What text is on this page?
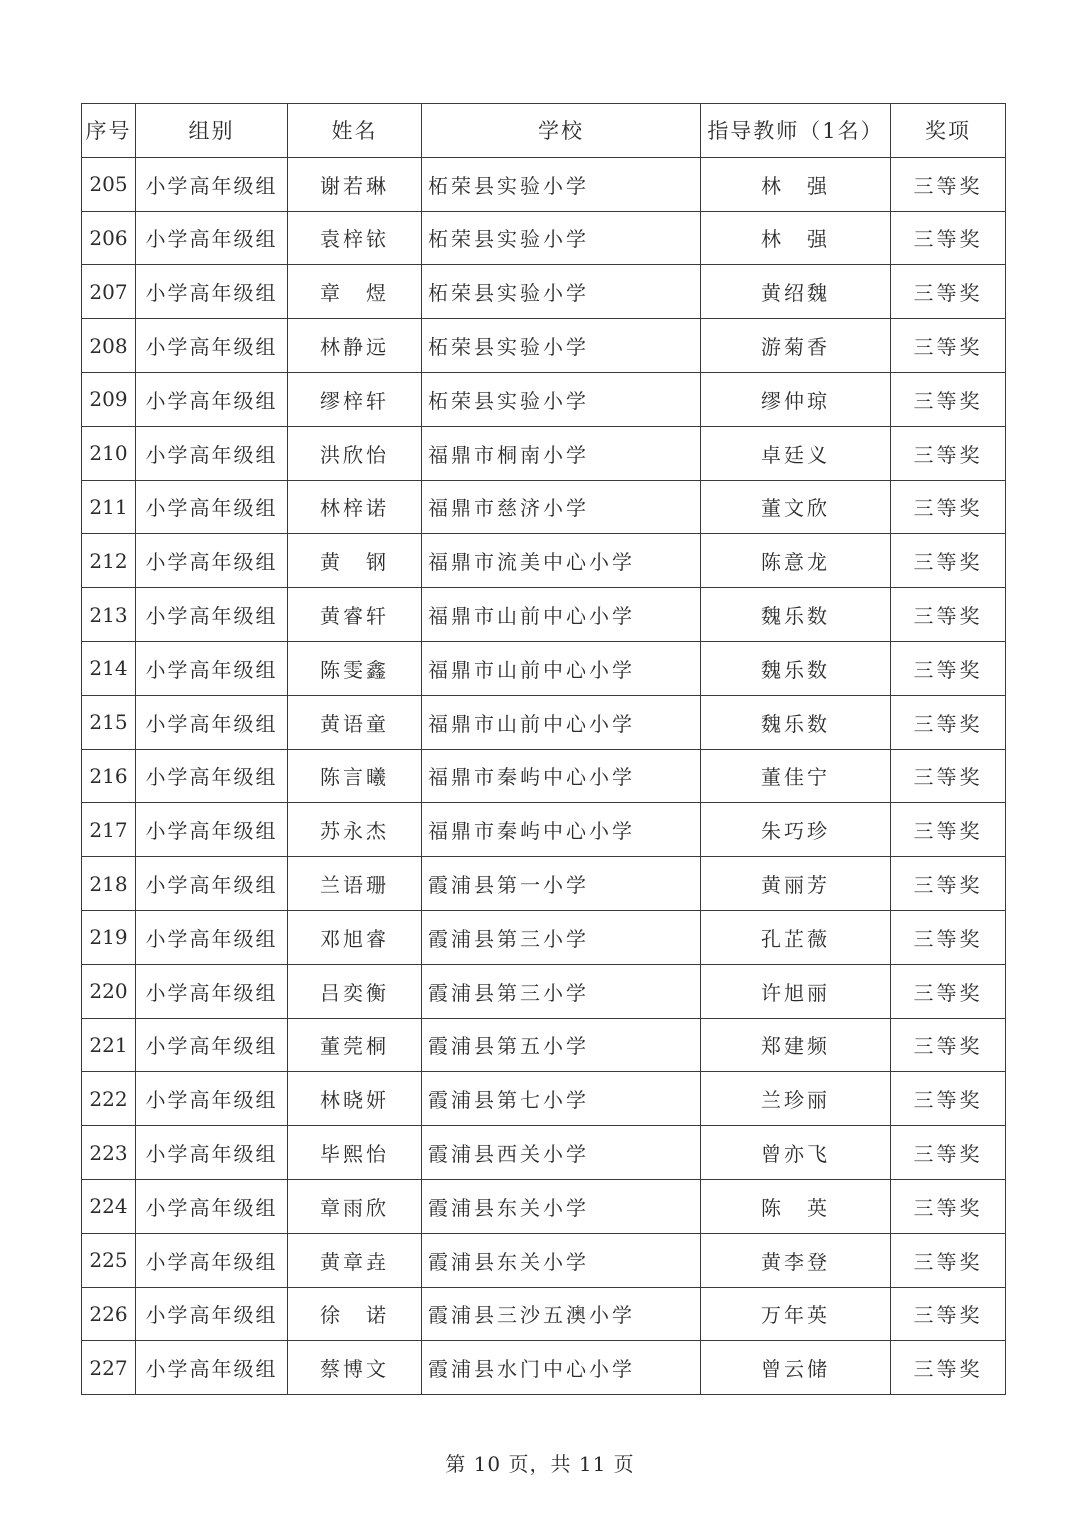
序号	组别	姓名	学校	指导教师（1名）	奖项
205	小学高年级组	谢若琳	柘荣县实验小学	林　强	三等奖
206	小学高年级组	袁梓铱	柘荣县实验小学	林　强	三等奖
207	小学高年级组	章　煜	柘荣县实验小学	黄绍魏	三等奖
208	小学高年级组	林静远	柘荣县实验小学	游菊香	三等奖
209	小学高年级组	缪梓轩	柘荣县实验小学	缪仲琼	三等奖
210	小学高年级组	洪欣怡	福鼎市桐南小学	卓廷义	三等奖
211	小学高年级组	林梓诺	福鼎市慈济小学	董文欣	三等奖
212	小学高年级组	黄　钢	福鼎市流美中心小学	陈意龙	三等奖
213	小学高年级组	黄睿轩	福鼎市山前中心小学	魏乐数	三等奖
214	小学高年级组	陈雯鑫	福鼎市山前中心小学	魏乐数	三等奖
215	小学高年级组	黄语童	福鼎市山前中心小学	魏乐数	三等奖
216	小学高年级组	陈言曦	福鼎市秦屿中心小学	董佳宁	三等奖
217	小学高年级组	苏永杰	福鼎市秦屿中心小学	朱巧珍	三等奖
218	小学高年级组	兰语珊	霞浦县第一小学	黄丽芳	三等奖
219	小学高年级组	邓旭睿	霞浦县第三小学	孔芷薇	三等奖
220	小学高年级组	吕奕衡	霞浦县第三小学	许旭丽	三等奖
221	小学高年级组	董莞桐	霞浦县第五小学	郑建频	三等奖
222	小学高年级组	林晓妍	霞浦县第七小学	兰珍丽	三等奖
223	小学高年级组	毕熙怡	霞浦县西关小学	曾亦飞	三等奖
224	小学高年级组	章雨欣	霞浦县东关小学	陈　英	三等奖
225	小学高年级组	黄章垚	霞浦县东关小学	黄李登	三等奖
226	小学高年级组	徐　诺	霞浦县三沙五澳小学	万年英	三等奖
227	小学高年级组	蔡博文	霞浦县水门中心小学	曾云储	三等奖
第 10 页，共 11 页
